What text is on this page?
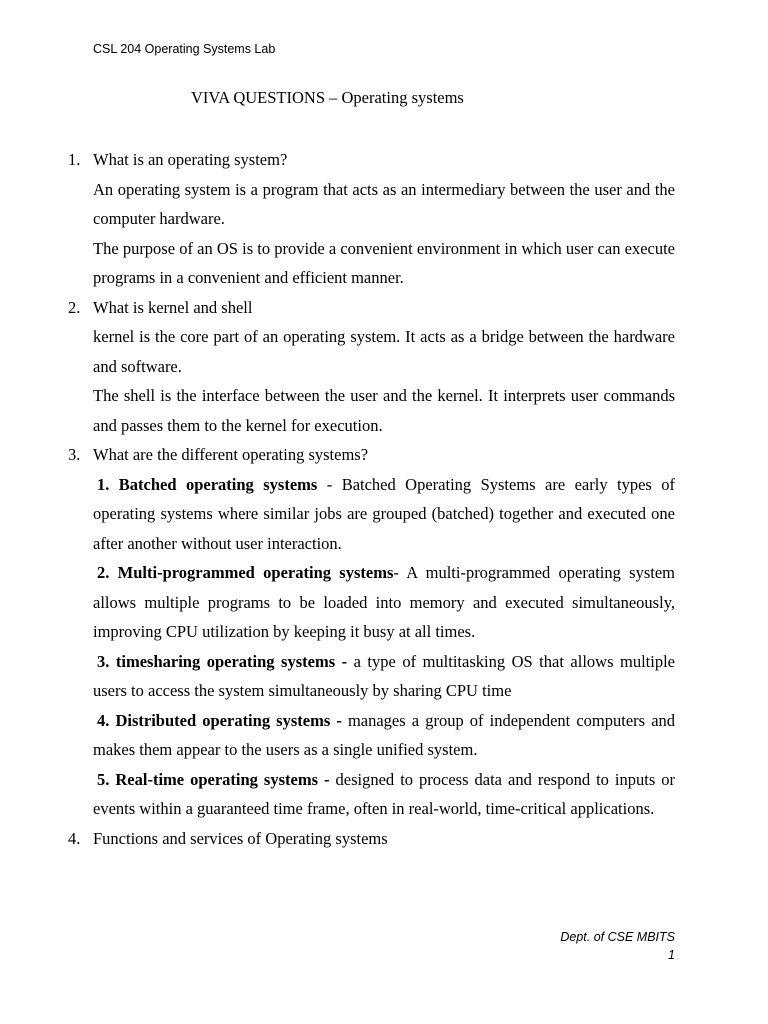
CSL 204 Operating Systems Lab
VIVA QUESTIONS – Operating systems
1. What is an operating system?

An operating system is a program that acts as an intermediary between the user and the computer hardware.

The purpose of an OS is to provide a convenient environment in which user can execute programs in a convenient and efficient manner.

2. What is kernel and shell

kernel is the core part of an operating system. It acts as a bridge between the hardware and software.

The shell is the interface between the user and the kernel. It interprets user commands and passes them to the kernel for execution.

3. What are the different operating systems?

1. Batched operating systems - Batched Operating Systems are early types of operating systems where similar jobs are grouped (batched) together and executed one after another without user interaction.

2. Multi-programmed operating systems- A multi-programmed operating system allows multiple programs to be loaded into memory and executed simultaneously, improving CPU utilization by keeping it busy at all times.

3. timesharing operating systems - a type of multitasking OS that allows multiple users to access the system simultaneously by sharing CPU time

4. Distributed operating systems - manages a group of independent computers and makes them appear to the users as a single unified system.

5. Real-time operating systems - designed to process data and respond to inputs or events within a guaranteed time frame, often in real-world, time-critical applications.

4. Functions and services of Operating systems

Dept. of CSE MBITS
1
